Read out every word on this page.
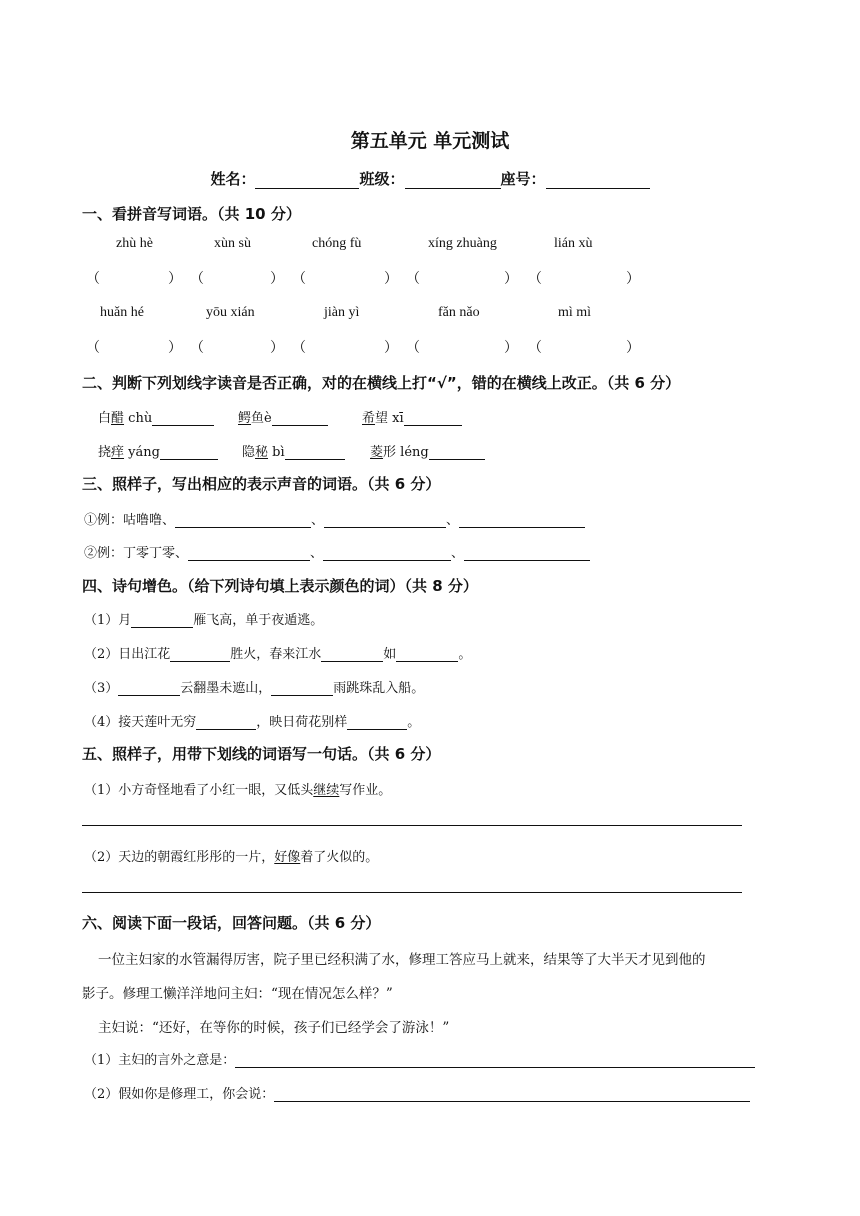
第五单元 单元测试
姓名：	班级：	座号：
一、看拼音写词语。（共 10 分）
zhù hè	xùn sù	chóng fù	xíng zhuàng	lián xù
（	） （	） （	） （	） （	）
huǎn hé	yōu xián	jiàn yì	fǎn nǎo	mì mì
（	） （	） （	） （	） （	）
二、判断下列划线字读音是否正确，对的在横线上打“√”，错的在横线上改正。（共 6 分）
白醋 chù	鳄鱼è	希望 xī
挠痒 yáng	隐秘 bì	菱形 léng
三、照样子，写出相应的表示声音的词语。（共 6 分）
①例：咕噜噜、	、	、
②例：丁零丁零、	、	、
四、诗句增色。（给下列诗句填上表示颜色的词）（共 8 分）
（1）月	雁飞高，单于夜遁逃。
（2）日出江花	胜火，春来江水	如	。
（3）	云翻墨未遮山，	雨跳珠乱入船。
（4）接天莲叶无穷	，映日荷花别样	。
五、照样子，用带下划线的词语写一句话。（共 6 分）
（1）小方奇怪地看了小红一眼，又低头继续写作业。
（2）天边的朝霞红彤彤的一片，好像着了火似的。
六、阅读下面一段话，回答问题。（共 6 分）
一位主妇家的水管漏得厉害，院子里已经积满了水，修理工答应马上就来，结果等了大半天才见到他的
影子。修理工懒洋洋地问主妇：“现在情况怎么样？”
主妇说：“还好，在等你的时候，孩子们已经学会了游泳！”
（1）主妇的言外之意是：
（2）假如你是修理工，你会说：
